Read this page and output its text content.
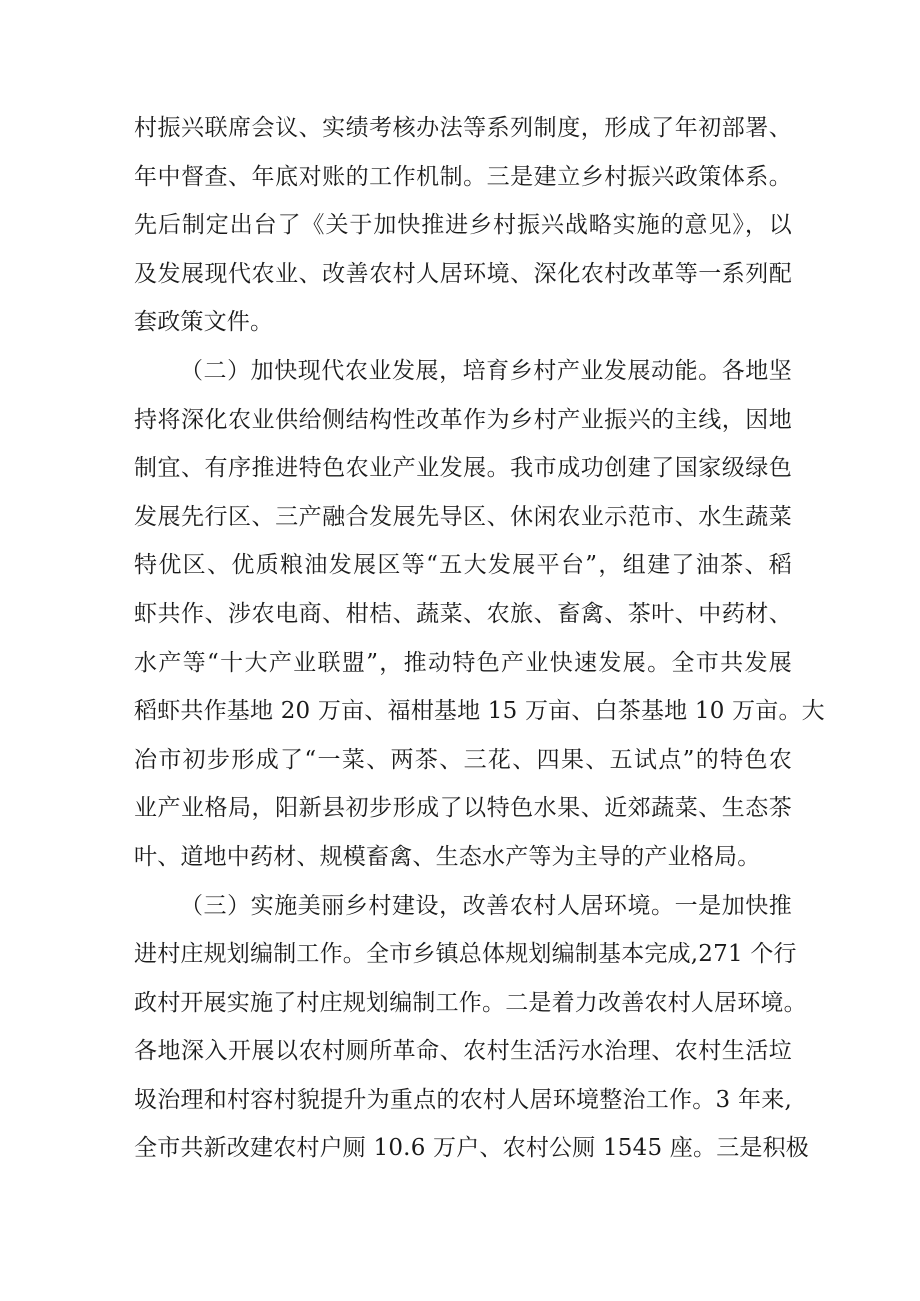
村振兴联席会议、实绩考核办法等系列制度，形成了年初部署、
年中督查、年底对账的工作机制。三是建立乡村振兴政策体系。
先后制定出台了《关于加快推进乡村振兴战略实施的意见》，以
及发展现代农业、改善农村人居环境、深化农村改革等一系列配
套政策文件。
（二）加快现代农业发展，培育乡村产业发展动能。各地坚
持将深化农业供给侧结构性改革作为乡村产业振兴的主线，因地
制宜、有序推进特色农业产业发展。我市成功创建了国家级绿色
发展先行区、三产融合发展先导区、休闲农业示范市、水生蔬菜
特优区、优质粮油发展区等“五大发展平台”，组建了油茶、稻
虾共作、涉农电商、柑桔、蔬菜、农旅、畜禽、茶叶、中药材、
水产等“十大产业联盟”，推动特色产业快速发展。全市共发展
稻虾共作基地 20 万亩、福柑基地 15 万亩、白茶基地 10 万亩。大
冶市初步形成了“一菜、两茶、三花、四果、五试点”的特色农
业产业格局，阳新县初步形成了以特色水果、近郊蔬菜、生态茶
叶、道地中药材、规模畜禽、生态水产等为主导的产业格局。
（三）实施美丽乡村建设，改善农村人居环境。一是加快推
进村庄规划编制工作。全市乡镇总体规划编制基本完成,271 个行
政村开展实施了村庄规划编制工作。二是着力改善农村人居环境。
各地深入开展以农村厕所革命、农村生活污水治理、农村生活垃
圾治理和村容村貌提升为重点的农村人居环境整治工作。3 年来,
全市共新改建农村户厕 10.6 万户、农村公厕 1545 座。三是积极
